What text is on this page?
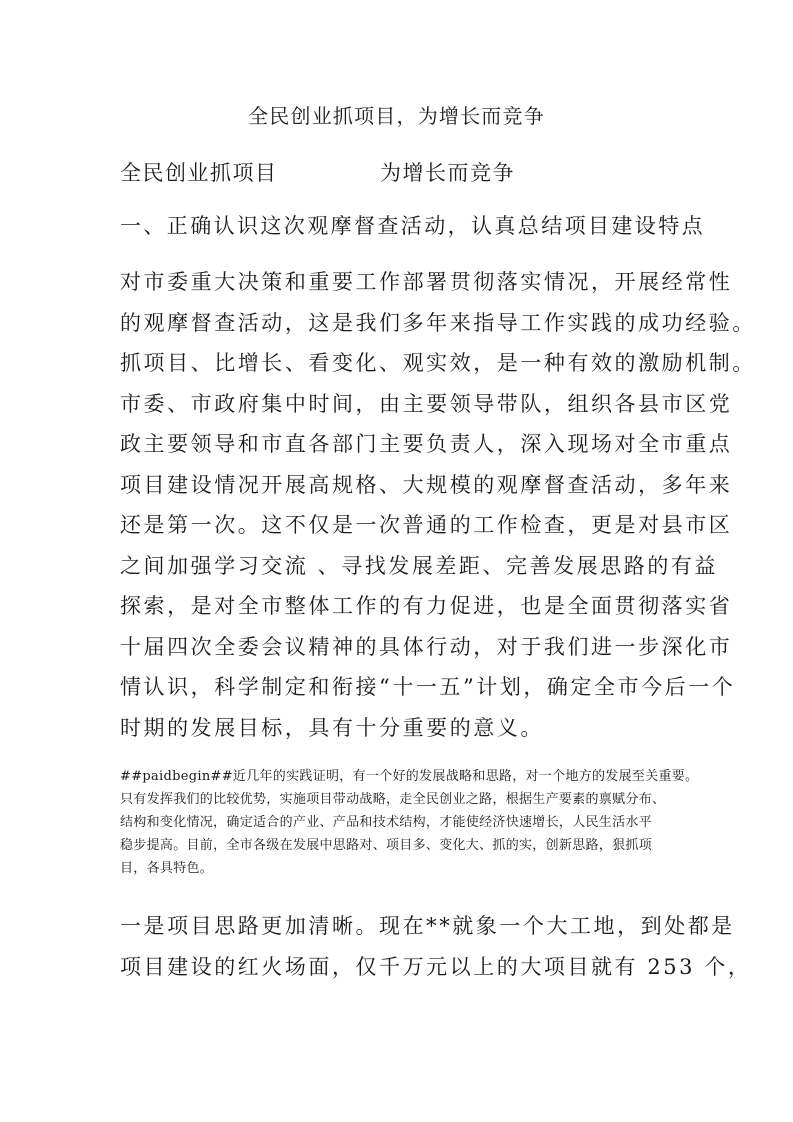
全民创业抓项目，为增长而竞争
全民创业抓项目	为增长而竞争
一、正确认识这次观摩督查活动，认真总结项目建设特点
对市委重大决策和重要工作部署贯彻落实情况，开展经常性
的观摩督查活动，这是我们多年来指导工作实践的成功经验。
抓项目、比增长、看变化、观实效，是一种有效的激励机制。
市委、市政府集中时间，由主要领导带队，组织各县市区党
政主要领导和市直各部门主要负责人，深入现场对全市重点
项目建设情况开展高规格、大规模的观摩督查活动，多年来
还是第一次。这不仅是一次普通的工作检查，更是对县市区
之间加强学习交流 、寻找发展差距、完善发展思路的有益
探索，是对全市整体工作的有力促进，也是全面贯彻落实省
十届四次全委会议精神的具体行动，对于我们进一步深化市
情认识，科学制定和衔接“十一五”计划，确定全市今后一个
时期的发展目标，具有十分重要的意义。
##paidbegin##近几年的实践证明，有一个好的发展战略和思路，对一个地方的发展至关重要。
只有发挥我们的比较优势，实施项目带动战略，走全民创业之路，根据生产要素的禀赋分布、
结构和变化情况，确定适合的产业、产品和技术结构，才能使经济快速增长，人民生活水平
稳步提高。目前，全市各级在发展中思路对、项目多、变化大、抓的实，创新思路，狠抓项
目，各具特色。
一是项目思路更加清晰。现在**就象一个大工地，到处都是
项目建设的红火场面，仅千万元以上的大项目就有 253 个，
